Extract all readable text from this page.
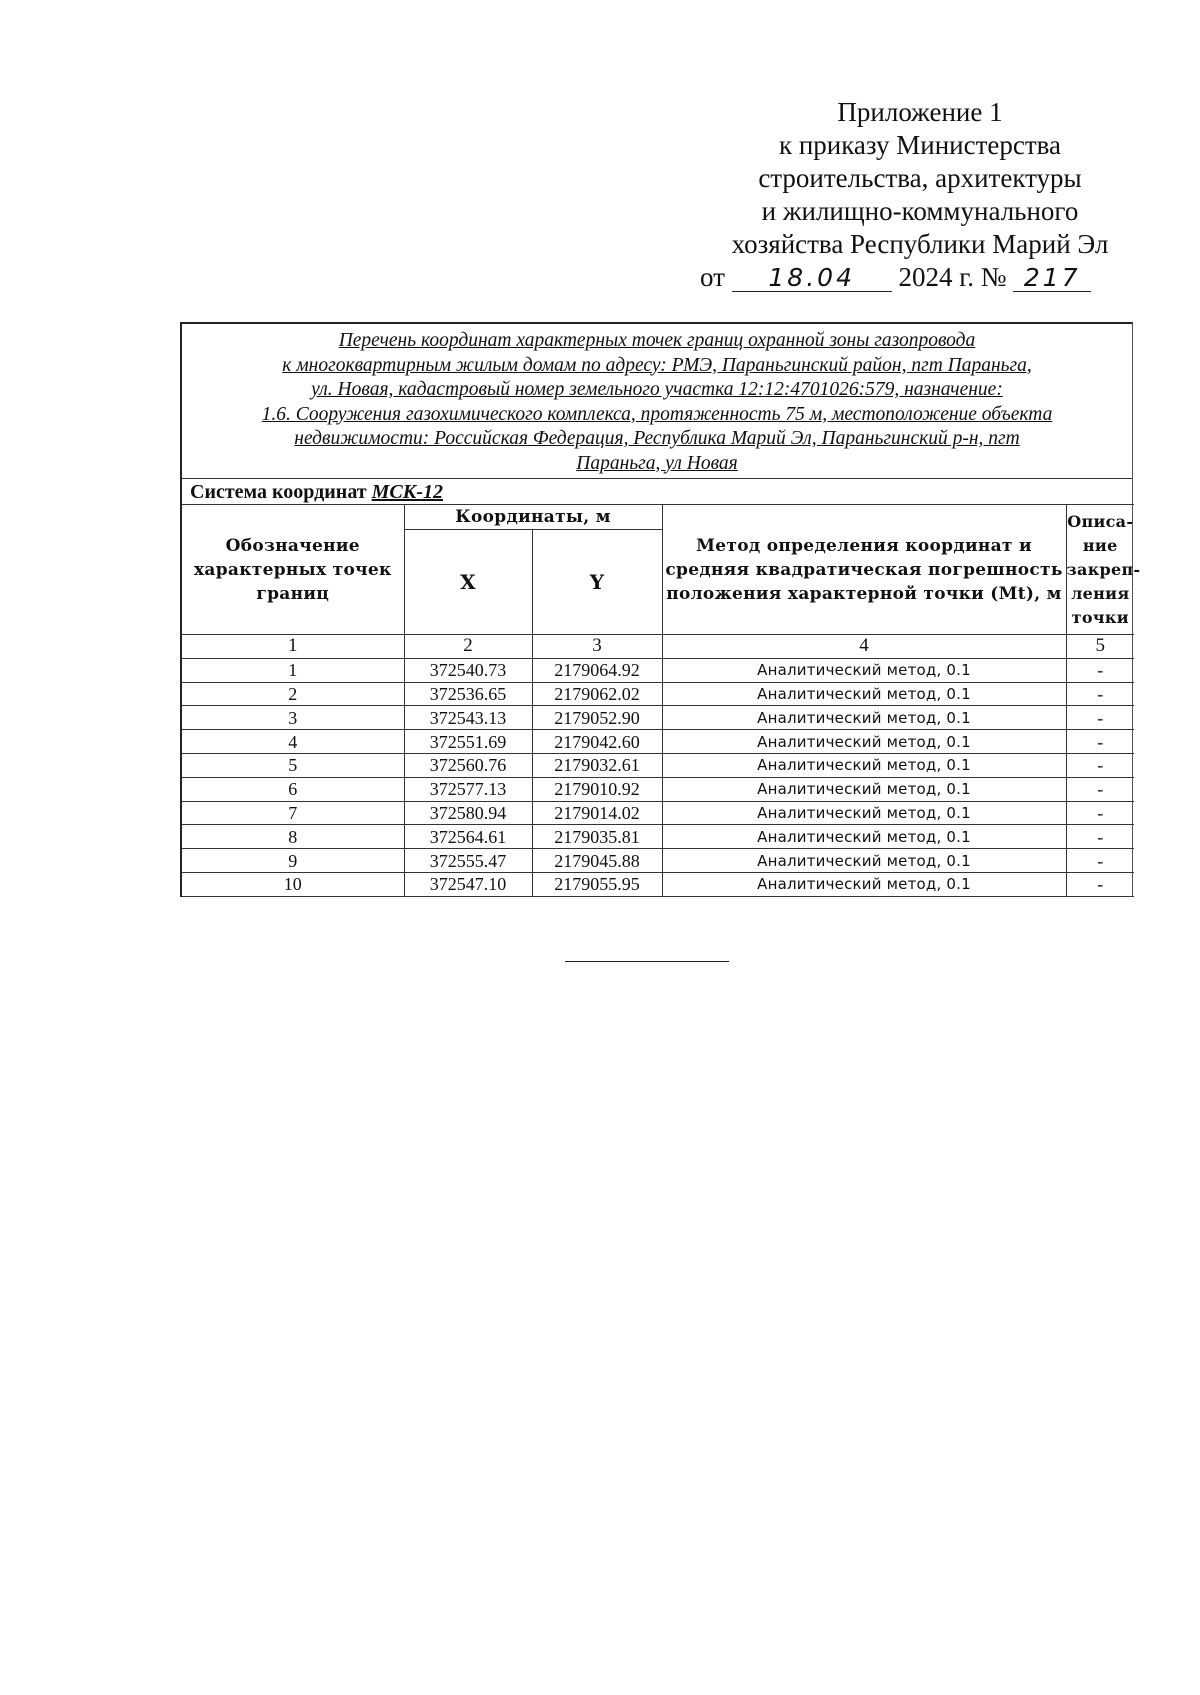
Приложение 1
к приказу Министерства
строительства, архитектуры
и жилищно-коммунального
хозяйства Республики Марий Эл
от 18.04 2024 г. № 217
Перечень координат характерных точек границ охранной зоны газопровода
к многоквартирным жилым домам по адресу: РМЭ, Параньгинский район, пгт Параньга,
ул. Новая, кадастровый номер земельного участка 12:12:4701026:579, назначение:
1.6. Сооружения газохимического комплекса, протяженность 75 м, местоположение объекта
недвижимости: Российская Федерация, Республика Марий Эл, Параньгинский р-н, пгт
Параньга, ул Новая
Система координат МСК-12
Обозначение характерных точек границ	Координаты, м		Метод определения координат и средняя квадратическая погрешность положения характерной точки (Mt), м	Описа- ние закреп- ления точки
	X	Y		
1	2	3	4	5
1	372540.73	2179064.92	Аналитический метод, 0.1	-
2	372536.65	2179062.02	Аналитический метод, 0.1	-
3	372543.13	2179052.90	Аналитический метод, 0.1	-
4	372551.69	2179042.60	Аналитический метод, 0.1	-
5	372560.76	2179032.61	Аналитический метод, 0.1	-
6	372577.13	2179010.92	Аналитический метод, 0.1	-
7	372580.94	2179014.02	Аналитический метод, 0.1	-
8	372564.61	2179035.81	Аналитический метод, 0.1	-
9	372555.47	2179045.88	Аналитический метод, 0.1	-
10	372547.10	2179055.95	Аналитический метод, 0.1	-
